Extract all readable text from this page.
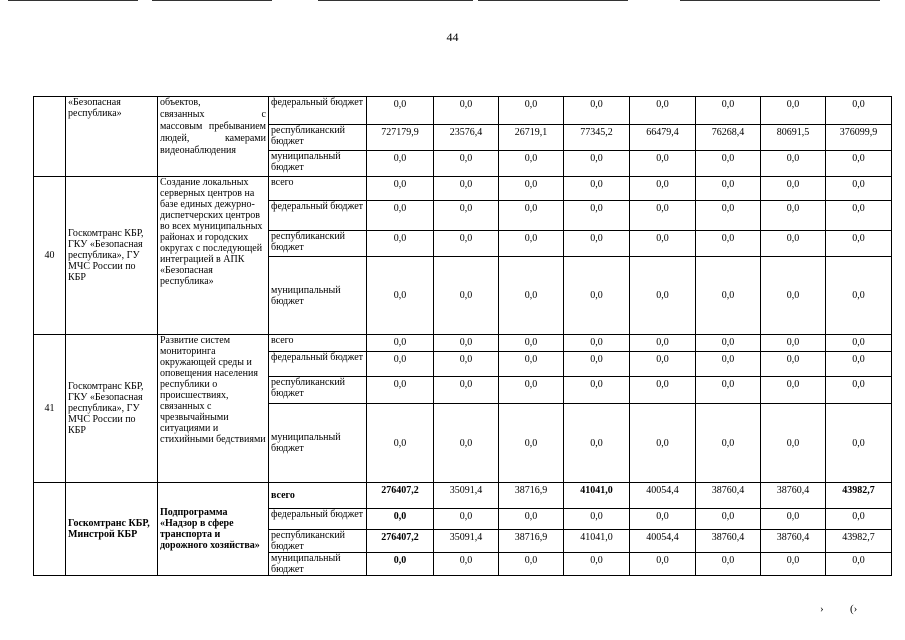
44
	«Безопасная республика»	объектов,
связанных с
массовым пребыванием людей, камерами
видеонаблюдения	федеральный бюджет	0,0	0,0	0,0	0,0	0,0	0,0	0,0	0,0
			республиканский бюджет	727179,9	23576,4	26719,1	77345,2	66479,4	76268,4	80691,5	376099,9
			муниципальный бюджет	0,0	0,0	0,0	0,0	0,0	0,0	0,0	0,0
40	Госкомтранс КБР, ГКУ «Безопасная республика», ГУ МЧС России по КБР	Создание локальных серверных центров на базе единых дежурно-диспетчерских центров во всех муниципальных районах и городских округах с последующей интеграцией в АПК «Безопасная республика»	всего	0,0	0,0	0,0	0,0	0,0	0,0	0,0	0,0
			федеральный бюджет	0,0	0,0	0,0	0,0	0,0	0,0	0,0	0,0
			республиканский бюджет	0,0	0,0	0,0	0,0	0,0	0,0	0,0	0,0
			муниципальный бюджет	0,0	0,0	0,0	0,0	0,0	0,0	0,0	0,0
41	Госкомтранс КБР, ГКУ «Безопасная республика», ГУ МЧС России по КБР	Развитие систем мониторинга окружающей среды и оповещения населения республики о происшествиях, связанных с чрезвычайными ситуациями и стихийными бедствиями	всего	0,0	0,0	0,0	0,0	0,0	0,0	0,0	0,0
			федеральный бюджет	0,0	0,0	0,0	0,0	0,0	0,0	0,0	0,0
			республиканский бюджет	0,0	0,0	0,0	0,0	0,0	0,0	0,0	0,0
			муниципальный бюджет	0,0	0,0	0,0	0,0	0,0	0,0	0,0	0,0
	Госкомтранс КБР, Минстрой КБР	Подпрограмма «Надзор в сфере транспорта и дорожного хозяйства»	всего	276407,2	35091,4	38716,9	41041,0	40054,4	38760,4	38760,4	43982,7
			федеральный бюджет	0,0	0,0	0,0	0,0	0,0	0,0	0,0	0,0
			республиканский бюджет	276407,2	35091,4	38716,9	41041,0	40054,4	38760,4	38760,4	43982,7
			муниципальный бюджет	0,0	0,0	0,0	0,0	0,0	0,0	0,0	0,0
› (›
